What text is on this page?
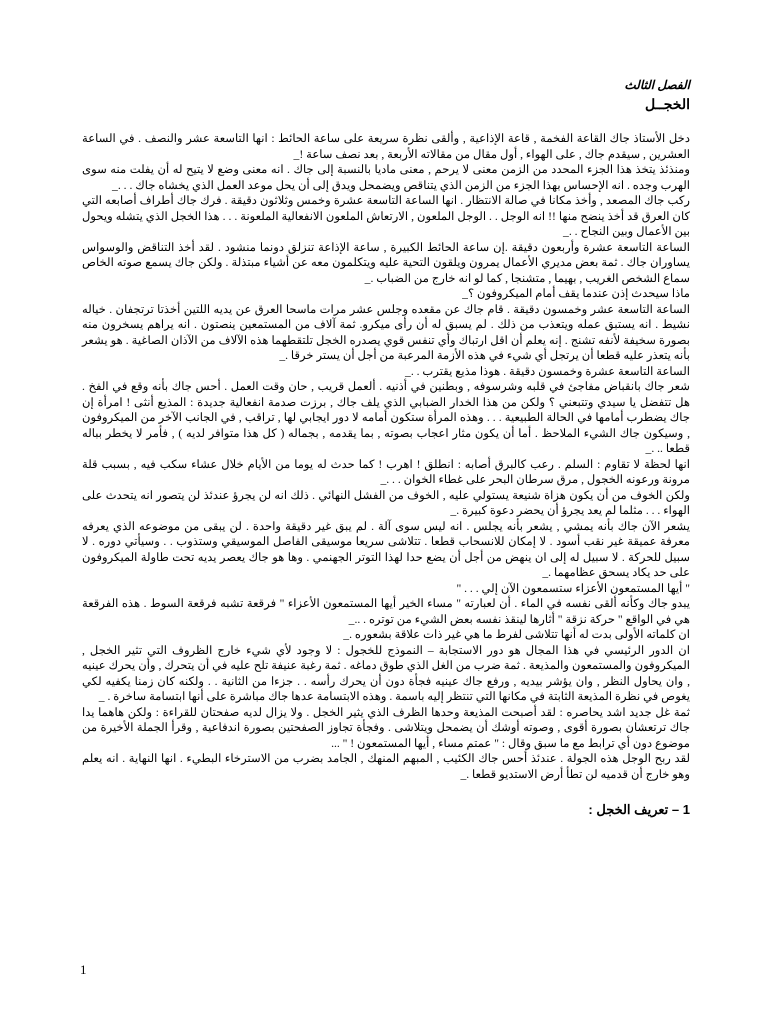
الفصل الثالث
الخجــل

دخل الأستاذ جاك القاعة الفخمة , قاعة الإذاعية , وألقى نظرة سريعة على ساعة الحائط : انها التاسعة عشر والنصف . في الساعة العشرين , سيقدم جاك , على الهواء , أول مقال من مقالاته الأربعة , بعد نصف ساعة !_

ومنذئذ يتخذ هذا الجزء المحدد من الزمن معنى لا يرحم , معنى ماديا بالنسبة إلى جاك . انه معنى وضع لا يتيح له أن يفلت منه سوى الهرب وجده . انه الإحساس بهذا الجزء من الزمن الذي يتناقص ويضمحل ويدق إلى أن يحل موعد العمل الذي يخشاه جاك . . ._

ركب جاك المصعد , وأخذ مكانا في صالة الانتظار . انها الساعة التاسعة عشرة وخمس وثلاثون دقيقة . فرك جاك أطراف أصابعه التي كان العرق قد أخذ ينضح منها !! انه الوجل . . الوجل الملعون , الارتعاش الملعون الانفعالية الملعونة . . . هذا الخجل الذي يتشله ويحول بين الأعمال وبين النجاح . ._

الساعة التاسعة عشرة وأربعون دقيقة .إن ساعة الحائط الكبيرة , ساعة الإذاعة تنزلق دونما منشود . لقد أخذ التناقض والوسواس يساوران جاك . ثمة بعض مديري الأعمال يمرون ويلقون التحية عليه ويتكلمون معه عن أشياء مبتذلة . ولكن جاك يسمع صوته الخاص سماع الشخص الغريب , بهيما , متشنجا , كما لو انه خارج من الضباب ._

ماذا سيحدث إذن عندما يقف أمام الميكروفون ؟_

الساعة التاسعة عشر وخمسون دقيقة . قام جاك عن مقعده وجلس عشر مرات ماسحا العرق عن يديه اللتين أخذتا ترتجفان . خياله نشيط . انه يستبق عمله ويتعذب من ذلك . لم يسبق له أن رأى ميكرو. ثمة آلاف من المستمعين ينصتون . انه يراهم يسخرون منه بصورة سخيفة لأنفه تشنج . إنه يعلم أن اقل ارتباك وأي تنفس قوي يصدره الخجل تلتقطهما هذه الآلاف من الآذان الصاغية . هو يشعر بأنه يتعذر عليه قطعا أن يرتجل أي شيء في هذه الأزمة المرعبة من أجل أن يستر خرقا ._

الساعة التاسعة عشرة وخمسون دقيقة . هوذا مذيع يقترب . ._

شعر جاك بانقباض مفاجئ في قلبه وشرسوفه , وبطنين في أذنيه . ألعمل قريب , حان وقت العمل . أحس جاك بأنه وقع في الفخ . هل تتفضل يا سيدي وتتبعني ؟ ولكن من هذا الخدار الضبابي الذي يلف جاك , برزت صدمة انفعالية جديدة : المذيع أنثى ! امرأة إن جاك يضطرب أمامها في الحالة الطبيعية . . . وهذه المرأة ستكون أمامه لا دور ايجابي لها , تراقب , في الجانب الآخر من الميكروفون , وسيكون جاك الشيء الملاحظ . أما أن يكون مثار اعجاب بصوته , بما يقدمه , بجماله ( كل هذا متوافر لديه ) , فأمر لا يخطر بباله قطعا .. ._

انها لحظة لا تقاوم : السلم . رعب كالبرق أصابه : انطلق ! اهرب ! كما حدث له يوما من الأيام خلال عشاء سكب فيه , بسبب قلة مرونة ورعونه الخجول , مرق سرطان البحر على غطاء الخوان . . ._

ولكن الخوف من أن يكون هزاة شنيعة يستولي عليه , الخوف من الفشل النهائي . ذلك انه لن يجرؤ عندئذ لن يتصور انه يتحدث على الهواء . . . مثلما لم يعد يجرؤ أن يحضر دعوة كبيرة ._

يشعر الآن جاك بأنه يمشي , يشعر بأنه يجلس . انه ليس سوى آلة . لم يبق غير دقيقة واحدة . لن يبقى من موضوعه الذي يعرفه معرفة عميقة غير نقب أسود . لا إمكان للانسحاب قطعا . تتلاشى سريعا موسيقى الفاصل الموسيقي وستذوب . . وسيأتي دوره . لا سبيل للحركة . لا سبيل له إلى ان ينهض من أجل أن يضع حدا لهذا التوتر الجهنمي . وها هو جاك يعصر يديه تحت طاولة الميكروفون على حد يكاد يسحق عظامهما ._

" أيها المستمعون الأعزاء ستسمعون الآن إلي . . . "

يبدو جاك وكأنه ألقى نفسه في الماء . أن لعبارته " مساء الخير أيها المستمعون الأعزاء " فرقعة تشبه فرقعة السوط . هذه الفرقعة هي في الواقع " حركة نزقة " أثارها لينقذ نفسه بعض الشيء من توتره . .._

ان كلماته الأولى بدت له أنها تتلاشى لفرط ما هي غير ذات علاقة بشعوره ._

ان الدور الرئيسي في هذا المجال هو دور الاستجابة – النموذج للخجول : لا وجود لأي شيء خارج الظروف التي تثير الخجل , الميكروفون والمستمعون والمذيعة . ثمة ضرب من الغل الذي طوق دماغه . ثمة رغبة عنيفة تلح عليه في أن يتحرك , وأن يحرك عينيه , وان يحاول النظر , وان يؤشر بيديه , ورفع جاك عينيه فجأة دون أن يحرك رأسه . . جزءا من الثانية . . ولكنه كان زمنا يكفيه لكي يغوص في نظرة المذيعة الثابتة في مكانها التي تنتظر إليه باسمة . وهذه الابتسامة عدها جاك مباشرة على أنها ابتسامة ساخرة . _

ثمة غل جديد اشد يحاصره : لقد أصبحت المذيعة وحدها الظرف الذي يثير الخجل . ولا يزال لديه صفحتان للقراءة : ولكن هاهما يدا جاك ترتعشان بصورة أقوى , وصوته أوشك أن يضمحل ويتلاشى . وفجأة تجاوز الصفحتين بصورة اندفاعية , وقرأ الجملة الأخيرة من موضوع دون أي ترابط مع ما سبق وقال : " عمتم مساء , أيها المستمعون ! " ...

لقد ربح الوجل هذه الجولة . عندئذ أحس جاك الكئيب , المبهم المنهك , الجامد بضرب من الاسترخاء البطيء . انها النهاية . انه يعلم وهو خارج أن قدميه لن تطأ أرض الاستديو قطعا ._

1 – تعريف الخجل :
1
